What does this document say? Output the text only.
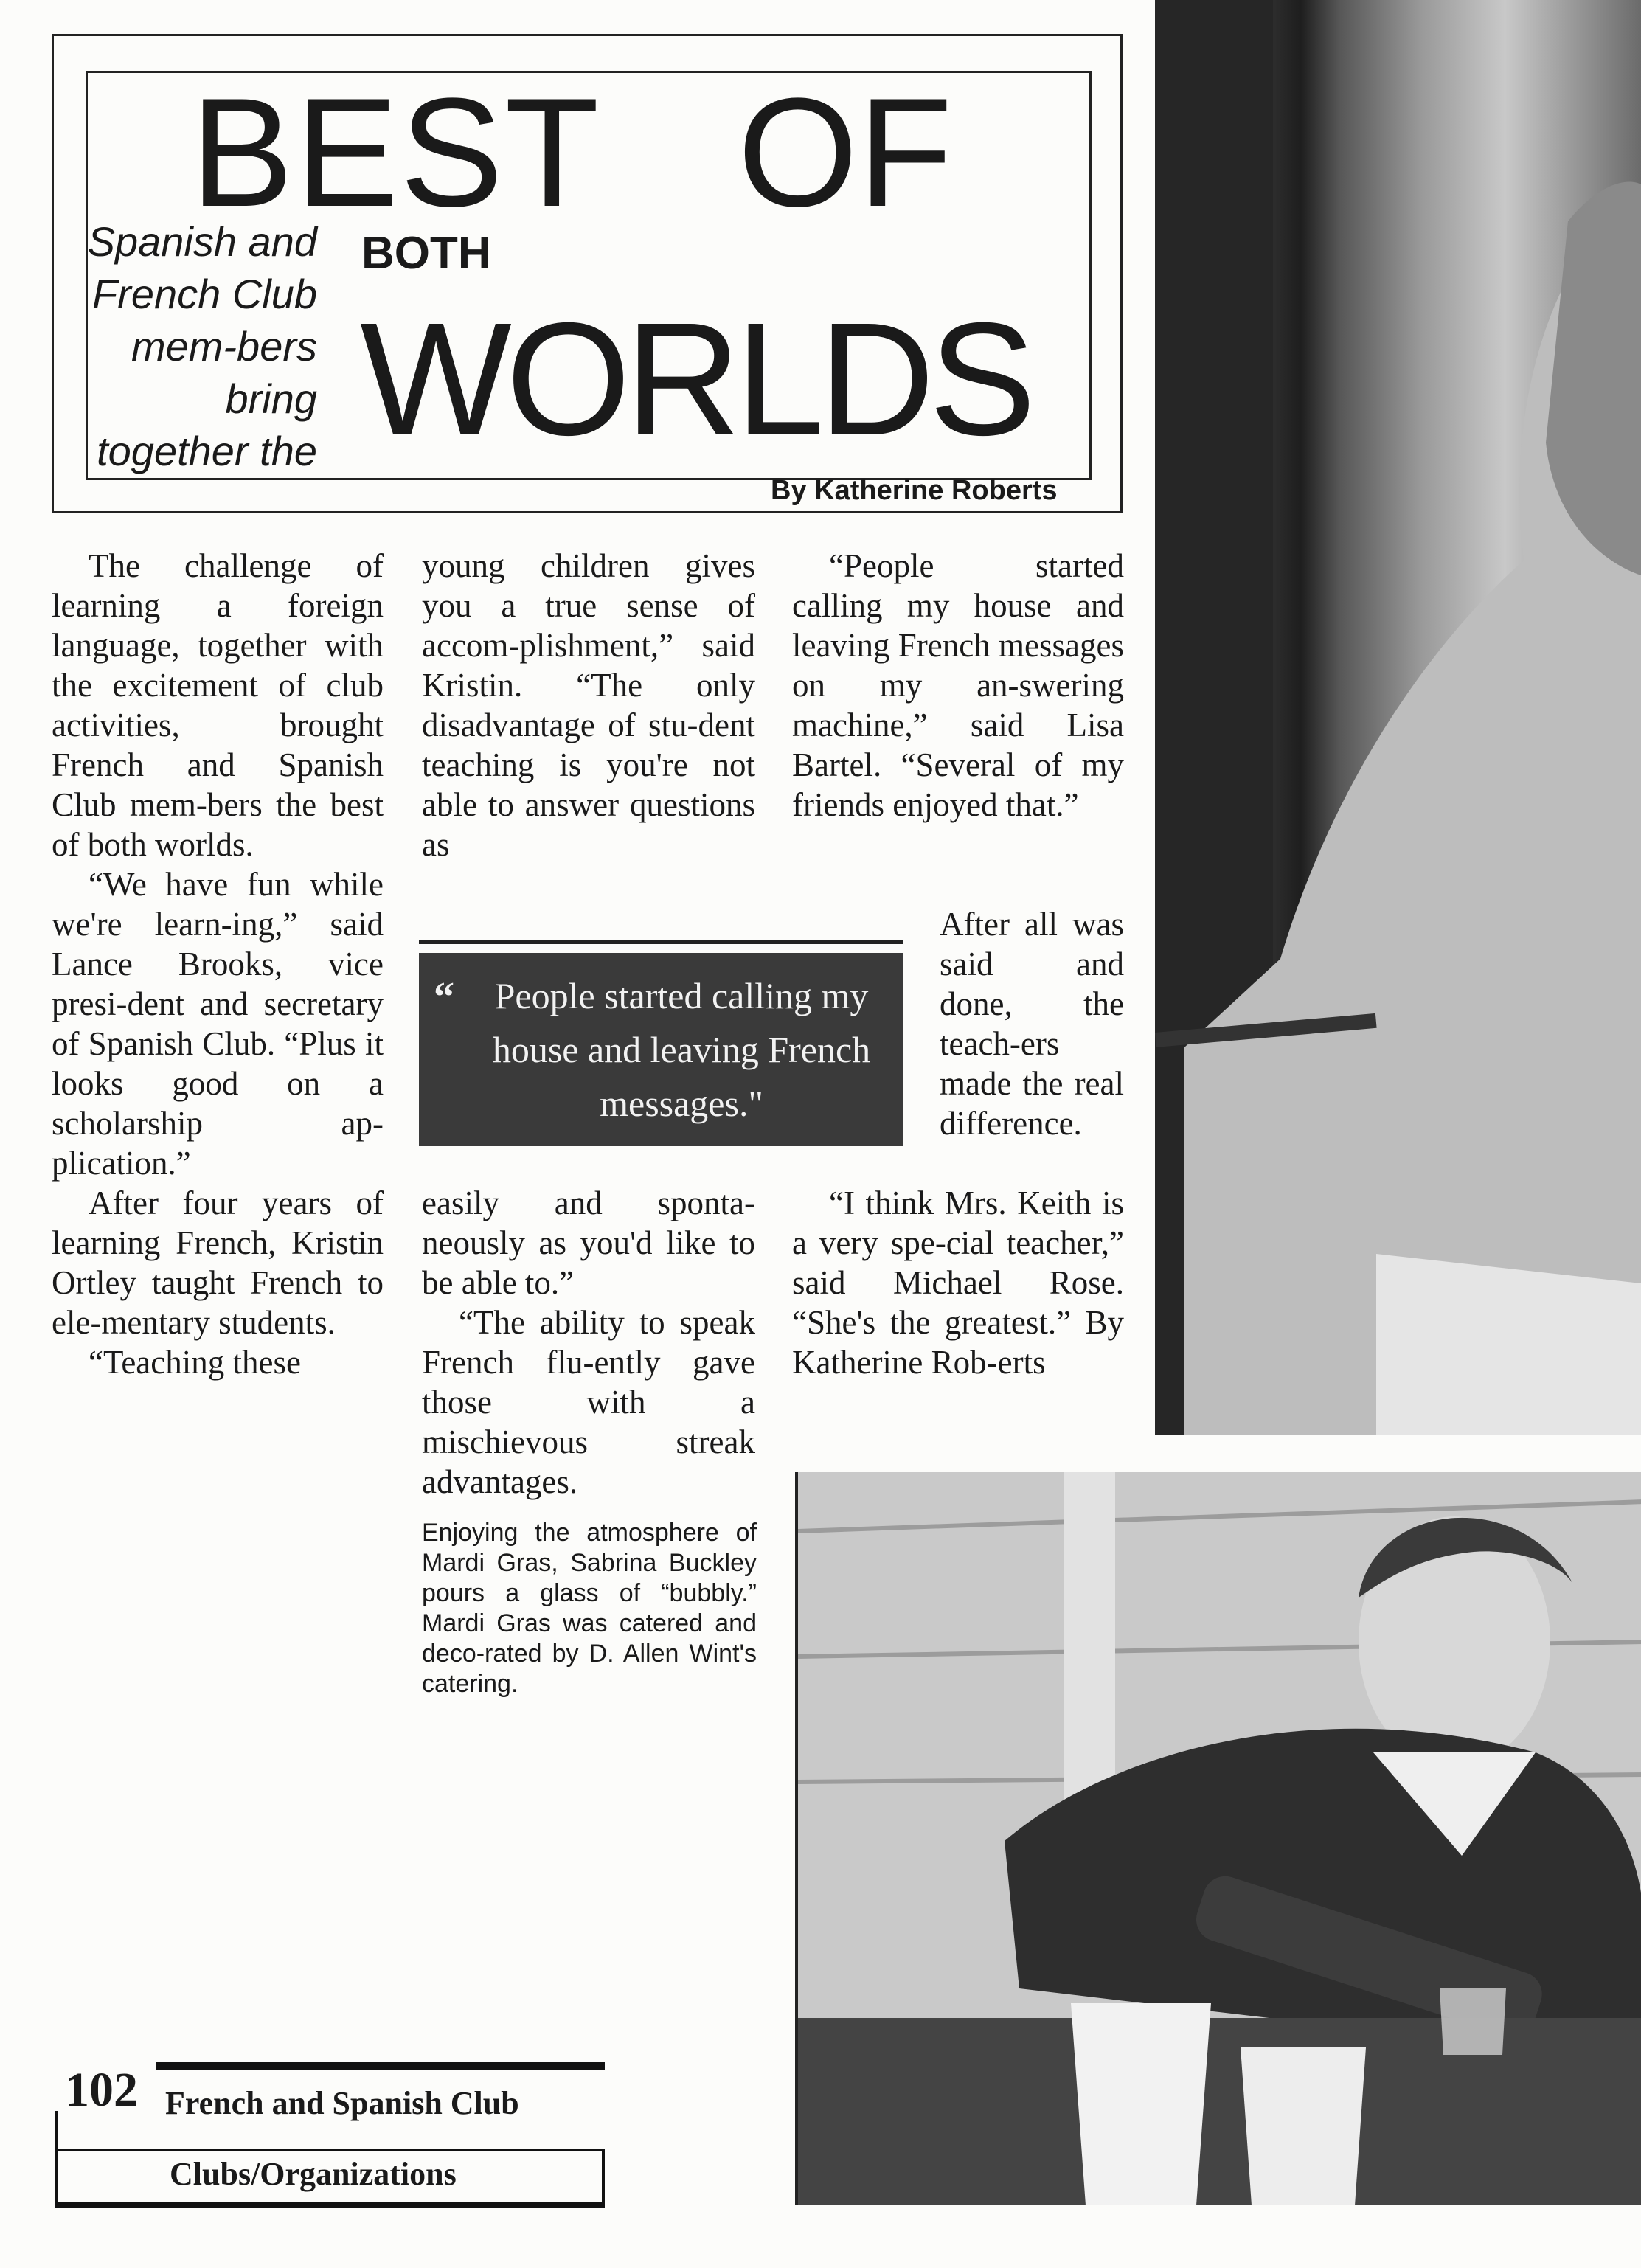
BEST OF
BOTH
WORLDS
Spanish and French Club mem-bers bring together the
By Katherine Roberts

The challenge of learning a foreign language, together with the excitement of club activities, brought French and Spanish Club mem-bers the best of both worlds.

“We have fun while we're learn-ing,” said Lance Brooks, vice presi-dent and secretary of Spanish Club. “Plus it looks good on a scholarship ap-plication.”

After four years of learning French, Kristin Ortley taught French to ele-mentary students.

“Teaching these

young children gives you a true sense of accom-plishment,” said Kristin. “The only disadvantage of stu-dent teaching is you're not able to answer questions as

“	People started calling my house and leaving French messages."

easily and sponta-neously as you'd like to be able to.”

“The ability to speak French flu-ently gave those with a mischievous streak advantages.

Enjoying the atmosphere of Mardi Gras, Sabrina Buckley pours a glass of “bubbly.” Mardi Gras was catered and deco-rated by D. Allen Wint's catering.

“People started calling my house and leaving French messages on my an-swering machine,” said Lisa Bartel. “Several of my friends enjoyed that.”

After all was said and done, the teach-ers made the real difference.

“I think Mrs. Keith is a very spe-cial teacher,” said Michael Rose. “She's the greatest.” By Katherine Rob-erts

102 French and Spanish Club
Clubs/Organizations
